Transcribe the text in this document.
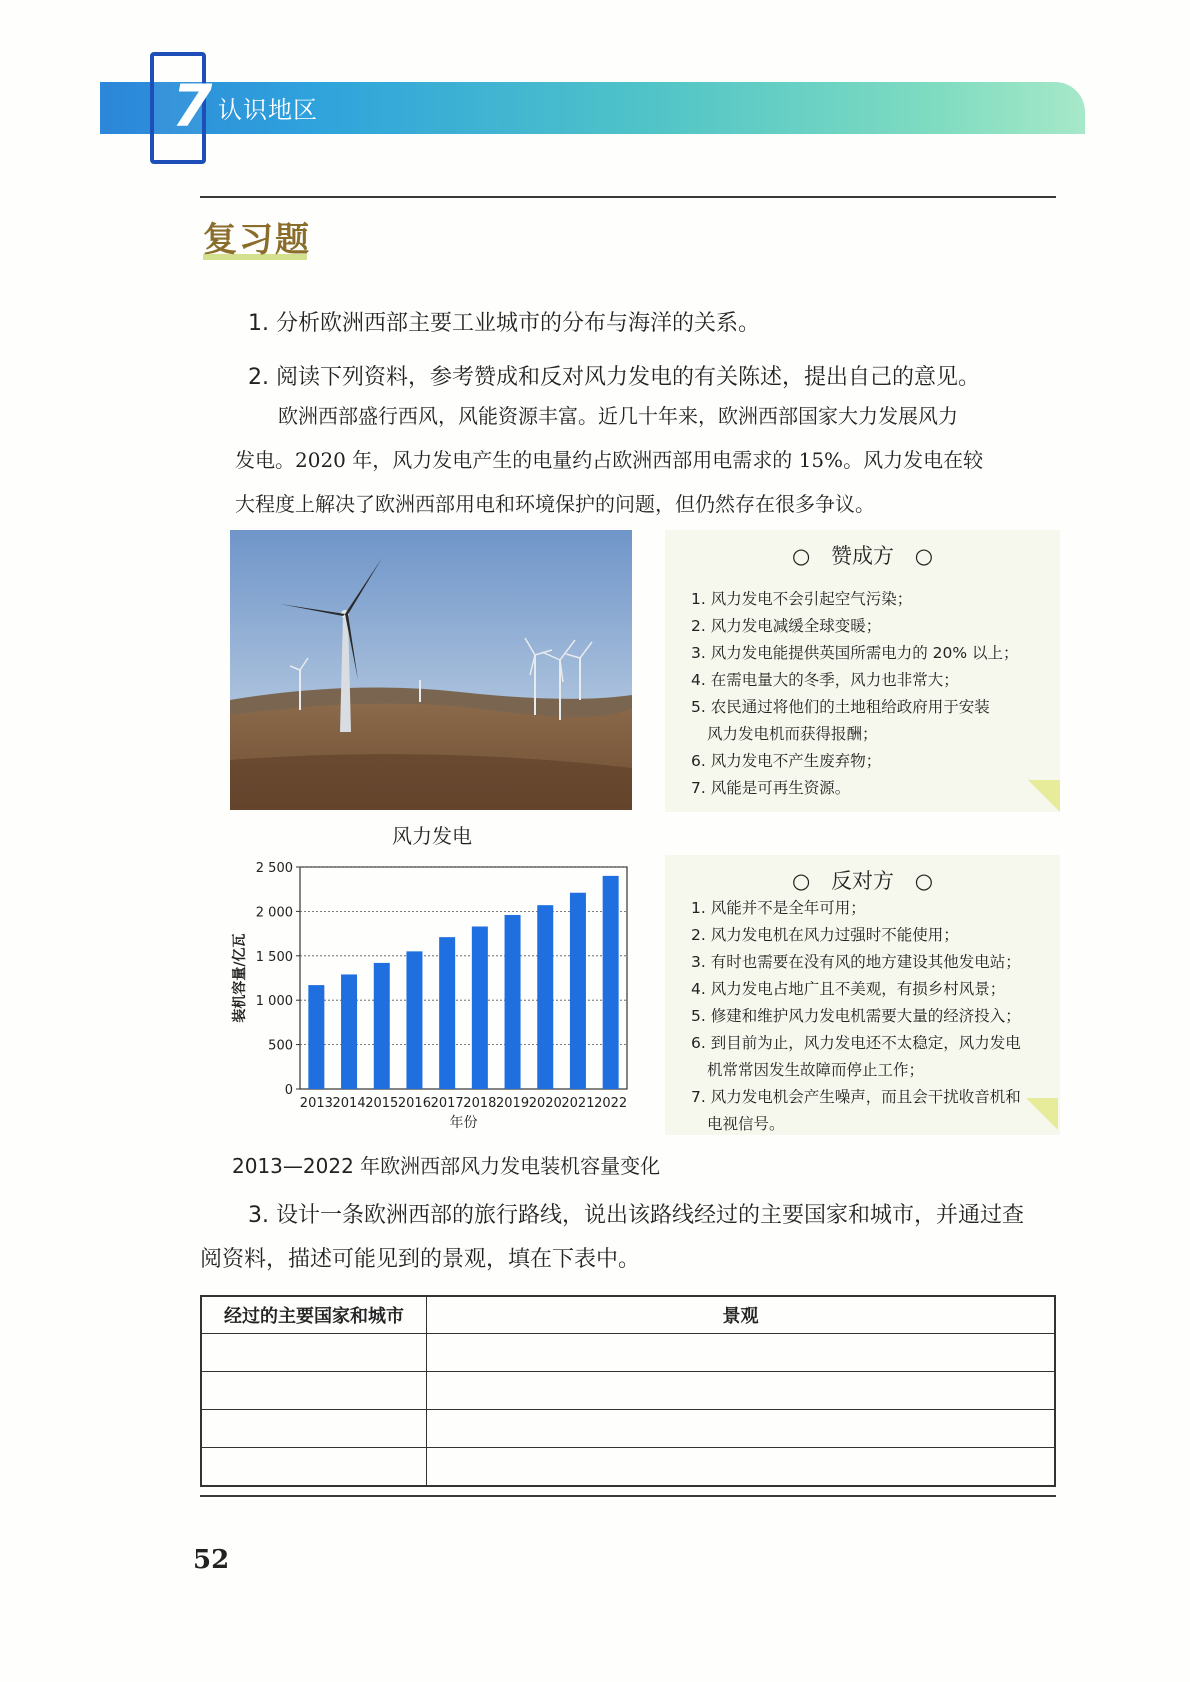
7 认识地区
复习题
1. 分析欧洲西部主要工业城市的分布与海洋的关系。
2. 阅读下列资料，参考赞成和反对风力发电的有关陈述，提出自己的意见。
欧洲西部盛行西风，风能资源丰富。近几十年来，欧洲西部国家大力发展风力
发电。2020 年，风力发电产生的电量约占欧洲西部用电需求的 15%。风力发电在较
大程度上解决了欧洲西部用电和环境保护的问题，但仍然存在很多争议。
风力发电
○ 赞成方 ○
1. 风力发电不会引起空气污染；
2. 风力发电减缓全球变暖；
3. 风力发电能提供英国所需电力的 20% 以上；
4. 在需电量大的冬季，风力也非常大；
5. 农民通过将他们的土地租给政府用于安装
风力发电机而获得报酬；
6. 风力发电不产生废弃物；
7. 风能是可再生资源。
0
500
1 000
1 500
2 000
2 500
2013 2014 2015 2016 2017 2018 2019 2020 2021 2022
年份
装机容量/亿瓦
2013—2022 年欧洲西部风力发电装机容量变化
○ 反对方 ○
1. 风能并不是全年可用；
2. 风力发电机在风力过强时不能使用；
3. 有时也需要在没有风的地方建设其他发电站；
4. 风力发电占地广且不美观，有损乡村风景；
5. 修建和维护风力发电机需要大量的经济投入；
6. 到目前为止，风力发电还不太稳定，风力发电
机常常因发生故障而停止工作；
7. 风力发电机会产生噪声，而且会干扰收音机和
电视信号。
3. 设计一条欧洲西部的旅行路线，说出该路线经过的主要国家和城市，并通过查
阅资料，描述可能见到的景观，填在下表中。
经过的主要国家和城市	景观

52
